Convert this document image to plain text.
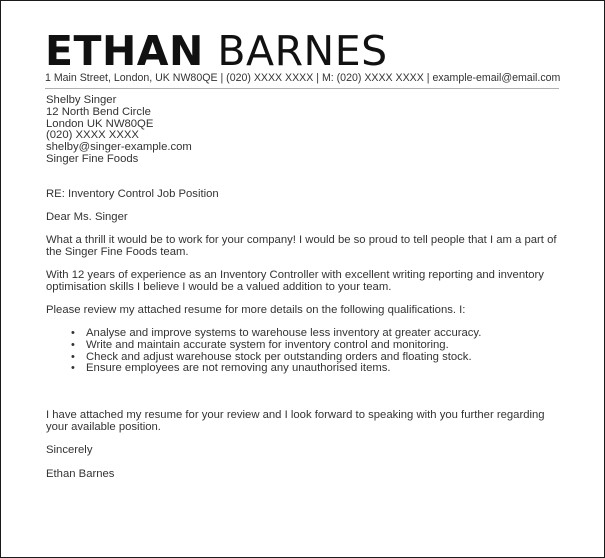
ETHAN BARNES
1 Main Street, London, UK NW80QE | (020) XXXX XXXX | M: (020) XXXX XXXX | example-email@email.com
Shelby Singer
12 North Bend Circle
London UK NW80QE
(020) XXXX XXXX
shelby@singer-example.com
Singer Fine Foods
RE: Inventory Control Job Position
Dear Ms. Singer
What a thrill it would be to work for your company! I would be so proud to tell people that I am a part of the Singer Fine Foods team.
With 12 years of experience as an Inventory Controller with excellent writing reporting and inventory optimisation skills I believe I would be a valued addition to your team.
Please review my attached resume for more details on the following qualifications. I:
• Analyse and improve systems to warehouse less inventory at greater accuracy.
• Write and maintain accurate system for inventory control and monitoring.
• Check and adjust warehouse stock per outstanding orders and floating stock.
• Ensure employees are not removing any unauthorised items.
I have attached my resume for your review and I look forward to speaking with you further regarding your available position.
Sincerely
Ethan Barnes
